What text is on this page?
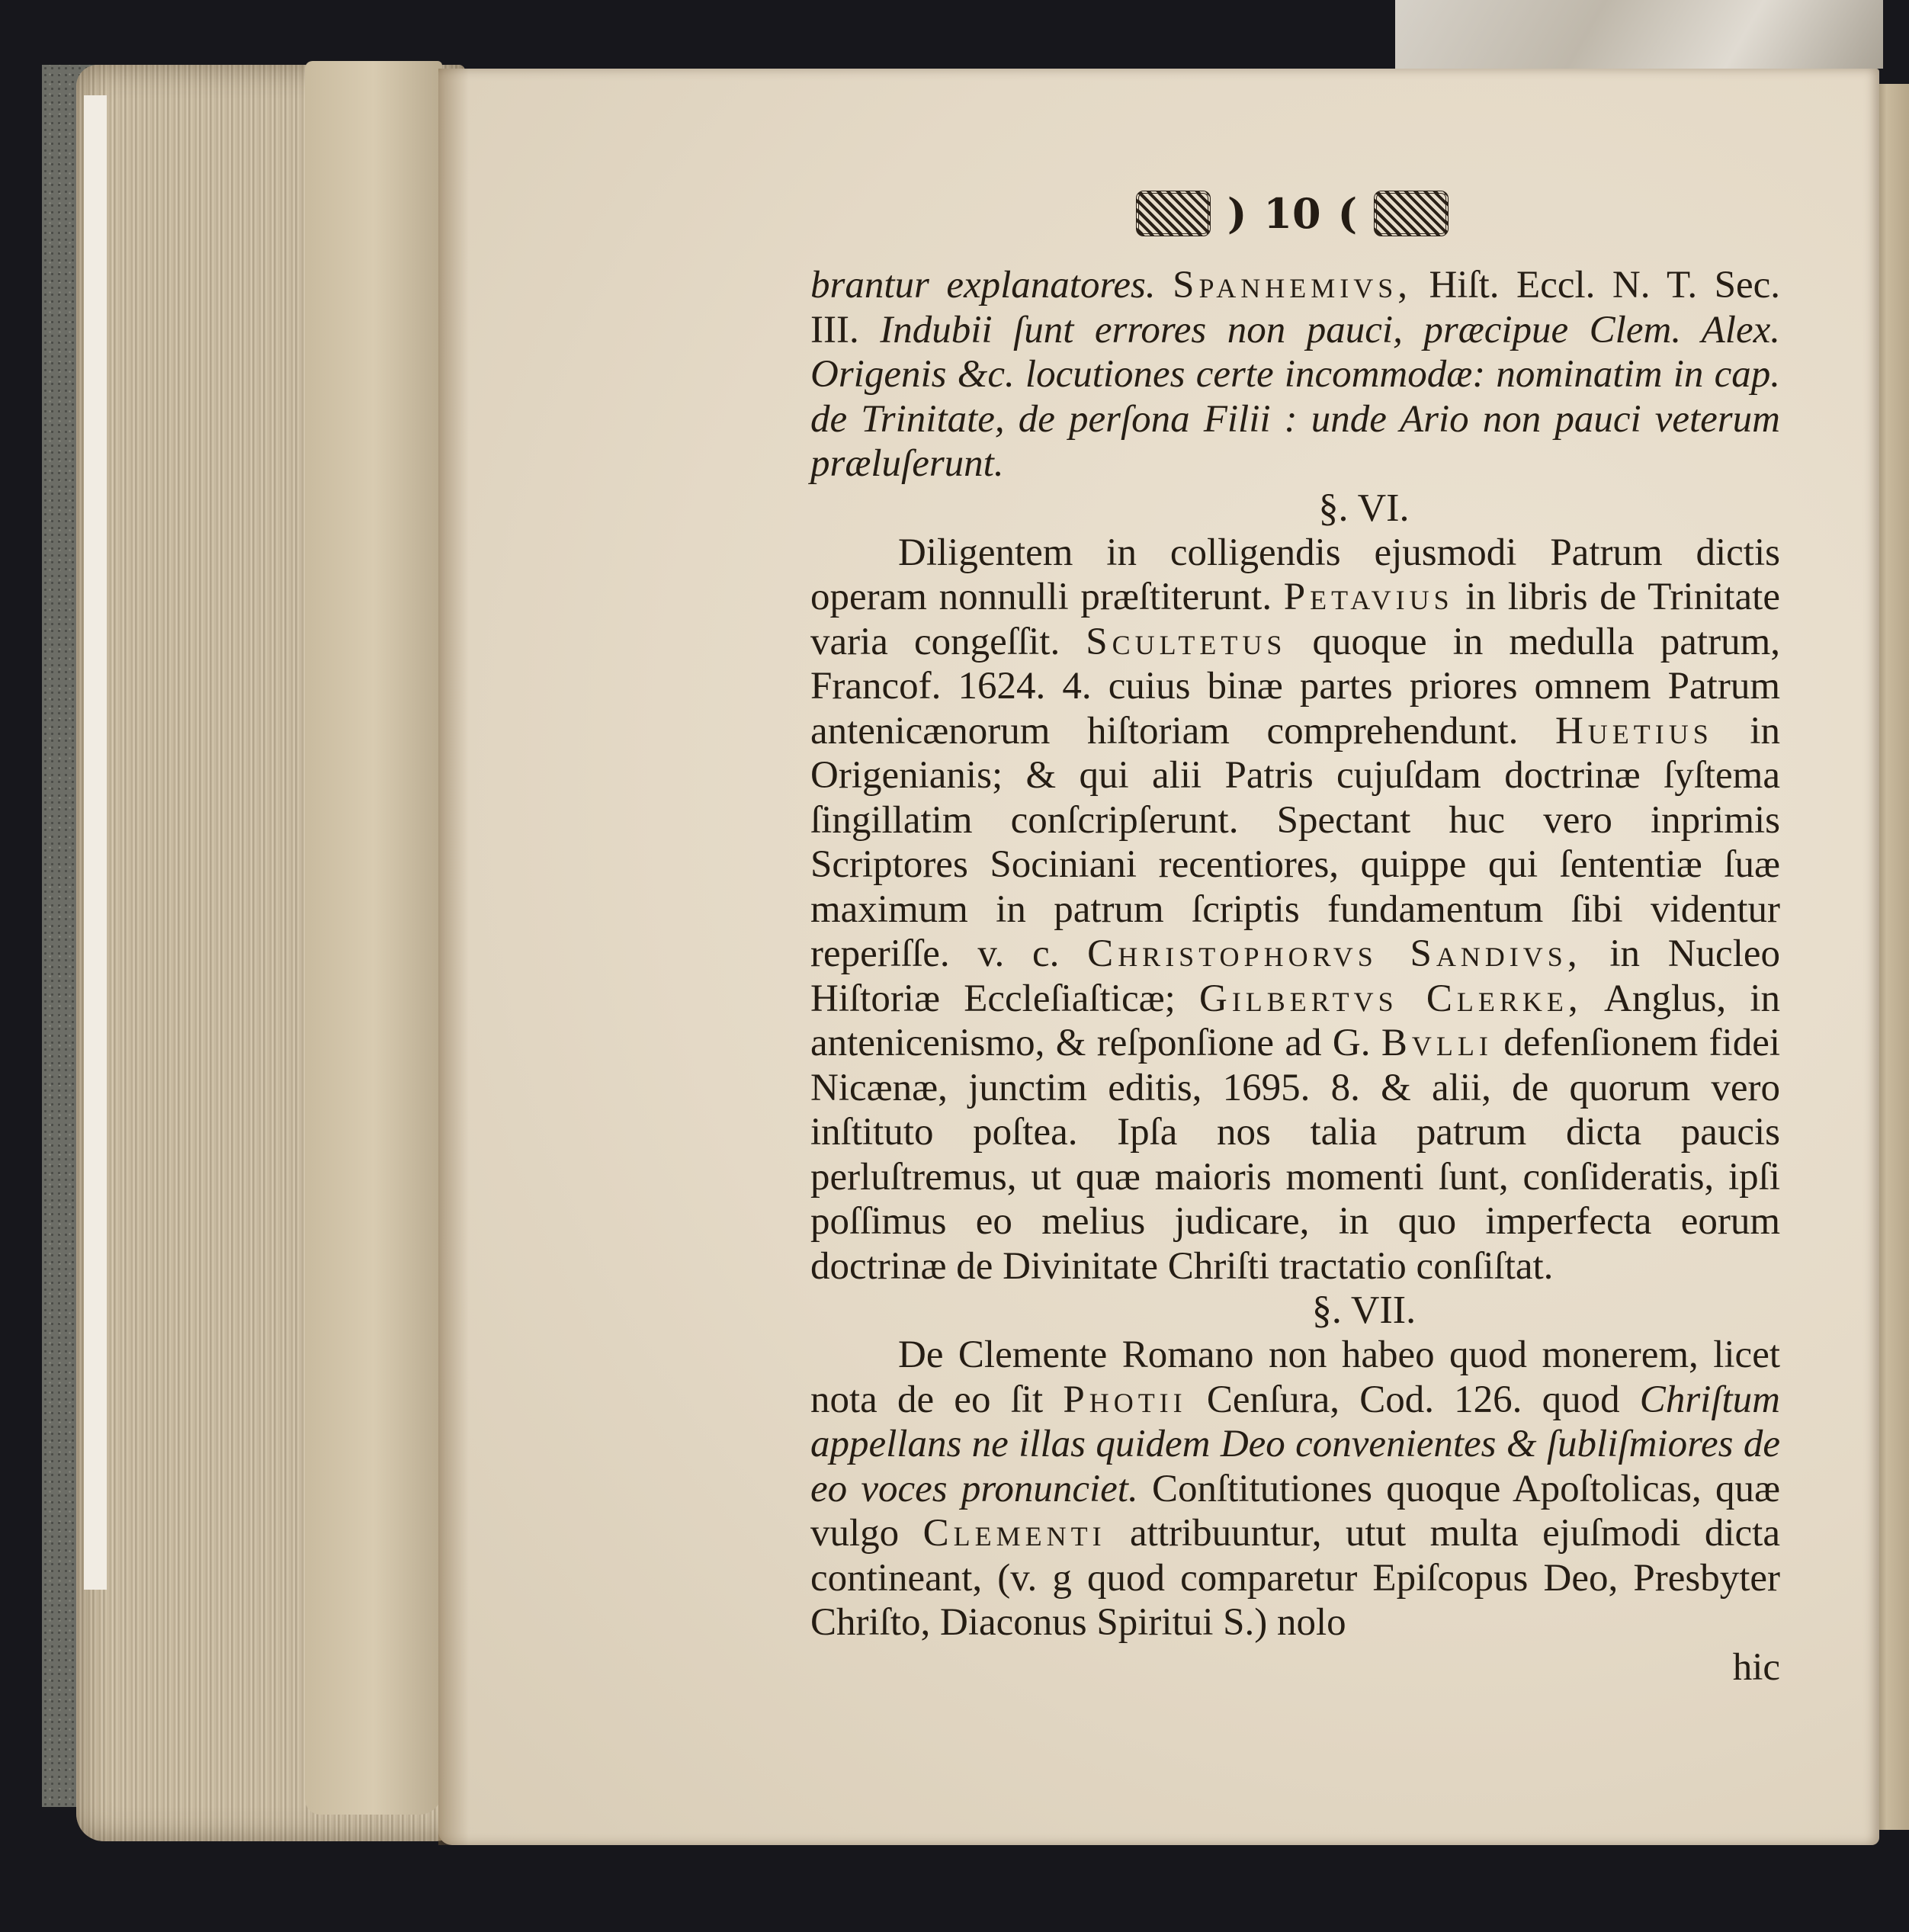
) 10 (

brantur explanatores. Spanhemivs, Hiſt. Eccl. N. T. Sec. III. Indubii ſunt errores non pauci, præcipue Clem. Alex. Origenis &c. locutiones certe incommodæ: nominatim in cap. de Trinitate, de perſona Filii : unde Ario non pauci veterum præluſerunt.

§. VI.

Diligentem in colligendis ejusmodi Patrum dictis operam nonnulli præſtiterunt. Petavius in libris de Trinitate varia congeſſit. Scultetus quoque in medulla patrum, Francof. 1624. 4. cuius binæ partes priores omnem Patrum antenicænorum hiſtoriam comprehendunt. Huetius in Origenianis; & qui alii Patris cujuſdam doctrinæ ſyſtema ſingillatim conſcripſerunt. Spectant huc vero inprimis Scriptores Sociniani recentiores, quippe qui ſententiæ ſuæ maximum in patrum ſcriptis fundamentum ſibi videntur reperiſſe. v. c. Christophorvs Sandivs, in Nucleo Hiſtoriæ Eccleſiaſticæ; Gilbertvs Clerke, Anglus, in antenicenismo, & reſponſione ad G. Bvlli defenſionem fidei Nicænæ, junctim editis, 1695. 8. & alii, de quorum vero inſtituto poſtea. Ipſa nos talia patrum dicta paucis perluſtremus, ut quæ maioris momenti ſunt, conſideratis, ipſi poſſimus eo melius judicare, in quo imperfecta eorum doctrinæ de Divinitate Chriſti tractatio conſiſtat.

§. VII.

De Clemente Romano non habeo quod monerem, licet nota de eo ſit Photii Cenſura, Cod. 126. quod Chriſtum appellans ne illas quidem Deo convenientes & ſubliſmiores de eo voces pronunciet. Conſtitutiones quoque Apoſtolicas, quæ vulgo Clementi attribuuntur, utut multa ejuſmodi dicta contineant, (v. g quod comparetur Epiſcopus Deo, Presbyter Chriſto, Diaconus Spiritui S.) nolo

hic
